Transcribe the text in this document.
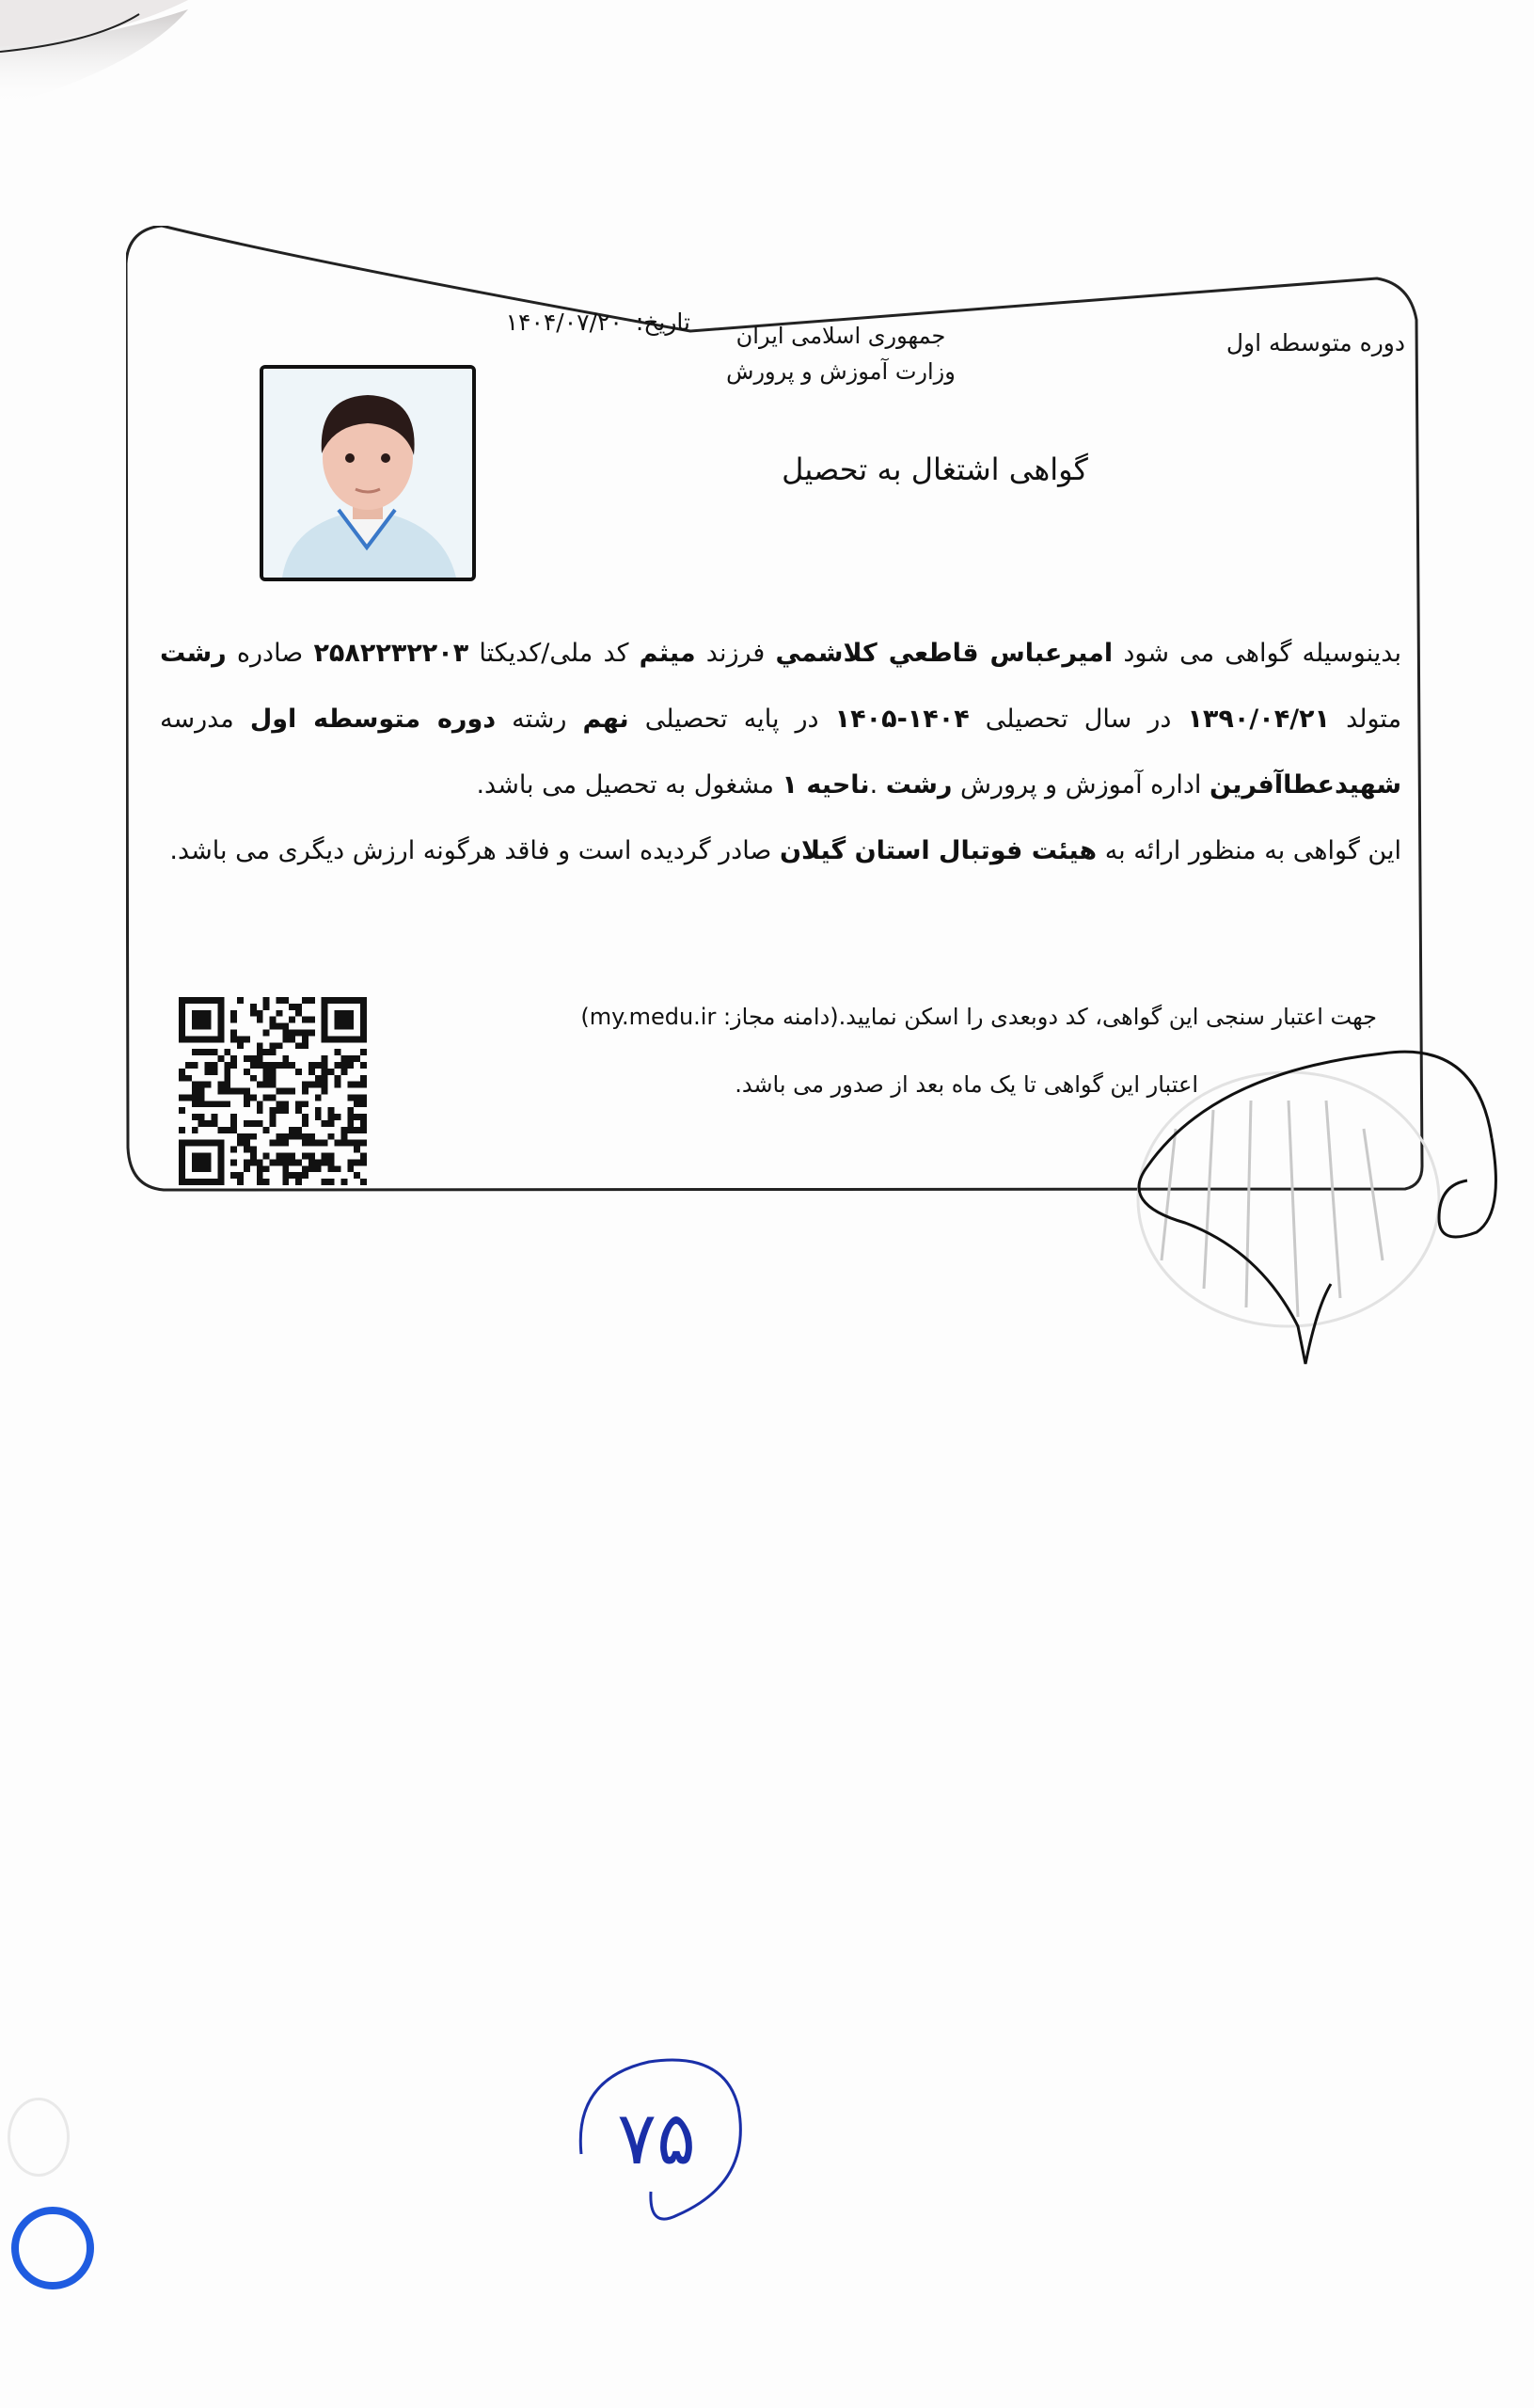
دوره متوسطه اول
جمهوری اسلامی ایران
وزارت آموزش و پرورش
تاریخ: ۱۴۰۴/۰۷/۲۰
گواهی اشتغال به تحصیل
بدینوسیله گواهی می شود اميرعباس قاطعي كلاشمي فرزند میثم کد ملی/کدیکتا ۲۵۸۲۲۳۲۲۰۳ صادره رشت متولد ۱۳۹۰/۰۴/۲۱ در سال تحصیلی ۱۴۰۴-۱۴۰۵ در پایه تحصیلی نهم رشته دوره متوسطه اول مدرسه شهیدعطاآفرین اداره آموزش و پرورش رشت .ناحیه ۱ مشغول به تحصیل می باشد.
این گواهی به منظور ارائه به هیئت فوتبال استان گیلان صادر گردیده است و فاقد هرگونه ارزش دیگری می باشد.
جهت اعتبار سنجی این گواهی، کد دوبعدی را اسکن نمایید.(دامنه مجاز: my.medu.ir)
اعتبار این گواهی تا یک ماه بعد از صدور می باشد.
۷۵
